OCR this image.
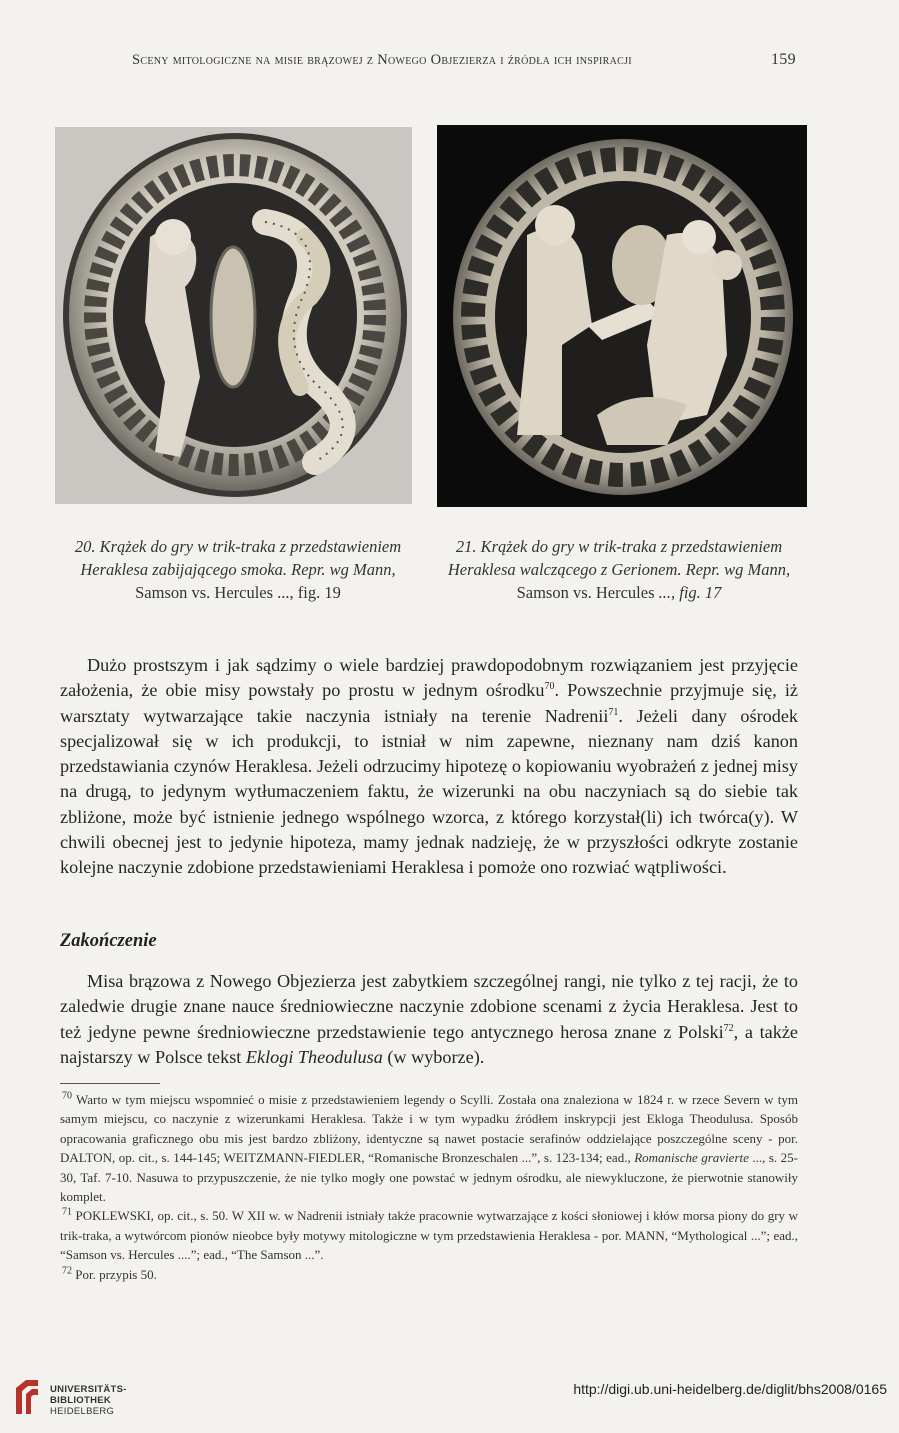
Sceny mitologiczne na misie brązowej z Nowego Objezierza i źródła ich inspiracji	159
20. Krążek do gry w trik-traka z przedstawieniem Heraklesa zabijającego smoka. Repr. wg Mann, Samson vs. Hercules ..., fig. 19
21. Krążek do gry w trik-traka z przedstawieniem Heraklesa walczącego z Gerionem. Repr. wg Mann, Samson vs. Hercules ..., fig. 17

Dużo prostszym i jak sądzimy o wiele bardziej prawdopodobnym rozwiązaniem jest przyjęcie założenia, że obie misy powstały po prostu w jednym ośrodku$^{70}$. Powszechnie przyjmuje się, iż warsztaty wytwarzające takie naczynia istniały na terenie Nadrenii$^{71}$. Jeżeli dany ośrodek specjalizował się w ich produkcji, to istniał w nim zapewne, nieznany nam dziś kanon przedstawiania czynów Heraklesa. Jeżeli odrzucimy hipotezę o kopiowaniu wyobrażeń z jednej misy na drugą, to jedynym wytłumaczeniem faktu, że wizerunki na obu naczyniach są do siebie tak zbliżone, może być istnienie jednego wspólnego wzorca, z którego korzystał(li) ich twórca(y). W chwili obecnej jest to jedynie hipoteza, mamy jednak nadzieję, że w przyszłości odkryte zostanie kolejne naczynie zdobione przedstawieniami Heraklesa i pomoże ono rozwiać wątpliwości.

Zakończenie

Misa brązowa z Nowego Objezierza jest zabytkiem szczególnej rangi, nie tylko z tej racji, że to zaledwie drugie znane nauce średniowieczne naczynie zdobione scenami z życia Heraklesa. Jest to też jedyne pewne średniowieczne przedstawienie tego antycznego herosa znane z Polski$^{72}$, a także najstarszy w Polsce tekst Eklogi Theodulusa (w wyborze).

$^{70}$ Warto w tym miejscu wspomnieć o misie z przedstawieniem legendy o Scylli. Została ona znaleziona w 1824 r. w rzece Severn w tym samym miejscu, co naczynie z wizerunkami Heraklesa. Także i w tym wypadku źródłem inskrypcji jest Ekloga Theodulusa. Sposób opracowania graficznego obu mis jest bardzo zbliżony, identyczne są nawet postacie serafinów oddzielające poszczególne sceny - por. DALTON, op. cit., s. 144-145; WEITZMANN-FIEDLER, “Romanische Bronzeschalen ...”, s. 123-134; ead., Romanische gravierte ..., s. 25-30, Taf. 7-10. Nasuwa to przypuszczenie, że nie tylko mogły one powstać w jednym ośrodku, ale niewykluczone, że pierwotnie stanowiły komplet.

$^{71}$ POKLEWSKI, op. cit., s. 50. W XII w. w Nadrenii istniały także pracownie wytwarzające z kości słoniowej i kłów morsa piony do gry w trik-traka, a wytwórcom pionów nieobce były motywy mitologiczne w tym przedstawienia Heraklesa - por. MANN, “Mythological ...”; ead., “Samson vs. Hercules ....”; ead., “The Samson ...”.

$^{72}$ Por. przypis 50.

UNIVERSITÄTS-
BIBLIOTHEK
HEIDELBERG
http://digi.ub.uni-heidelberg.de/diglit/bhs2008/0165
